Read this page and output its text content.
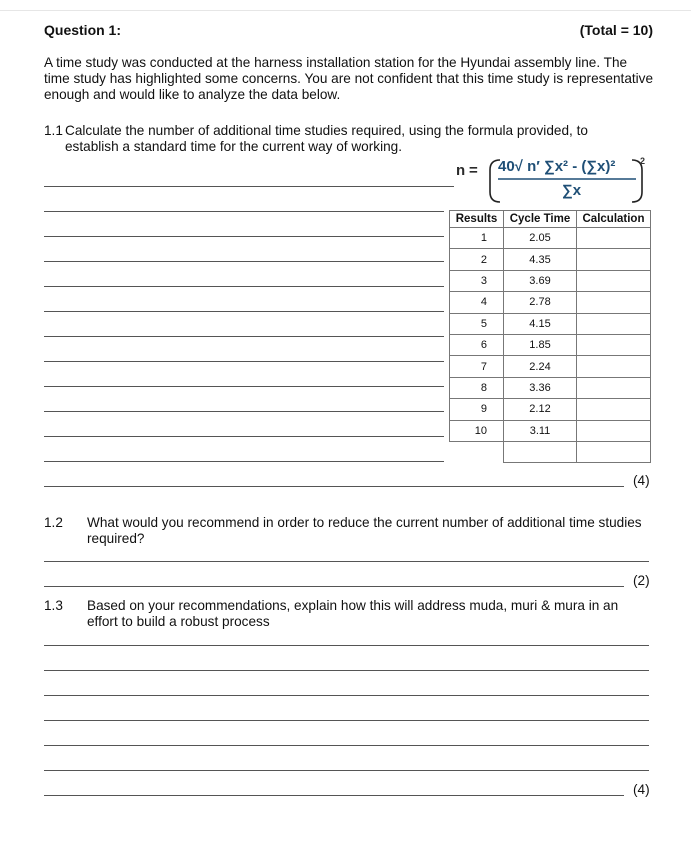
Question 1:	(Total = 10)
A time study was conducted at the harness installation station for the Hyundai assembly line. The time study has highlighted some concerns. You are not confident that this time study is representative enough and would like to analyze the data below.
1.1 Calculate the number of additional time studies required, using the formula provided, to
establish a standard time for the current way of working.
n = 40√ n′ ∑x² - (∑x)²
∑x
2
(4)
Results	Cycle Time	Calculation
1	2.05	
2	4.35	
3	3.69	
4	2.78	
5	4.15	
6	1.85	
7	2.24	
8	3.36	
9	2.12	
10	3.11	

1.2 What would you recommend in order to reduce the current number of additional time studies required?
(2)
1.3 Based on your recommendations, explain how this will address muda, muri & mura in an effort to build a robust process
(4)
